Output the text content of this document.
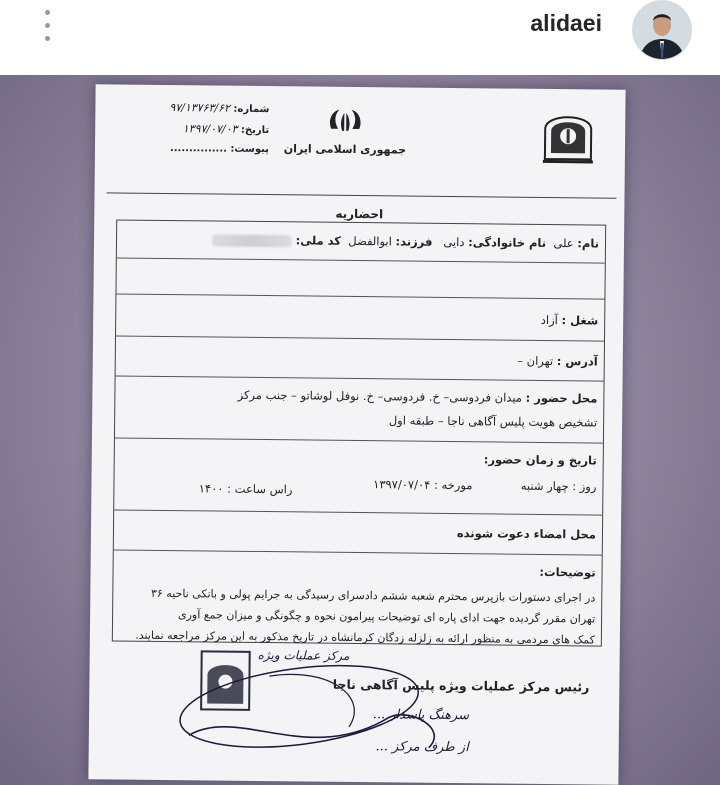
alidaei
جمهوری اسلامی ایران
شماره: ۹۷/۱۳۷۶۳/۶۲
تاریخ: ۱۳۹۷/۰۷/۰۳
پیوست: ...............
احضاریه
نام: علی  نام خانوادگی: دایی   فرزند: ابوالفضل  کد ملی:
شغل : آزاد
آدرس : تهران –
محل حضور : میدان فردوسی– خ. فردوسی– خ. نوفل لوشاتو – جنب مرکز
تشخیص هویت پلیس آگاهی ناجا – طبقه اول
تاریخ و زمان حضور:
روز : چهار شنبه
مورخه : ۱۳۹۷/۰۷/۰۴
راس ساعت : ۱۴۰۰
محل امضاء دعوت شونده
توضیحات:
در اجرای دستورات بازپرس محترم شعبه ششم دادسرای رسیدگی به جرایم پولی و بانکی ناحیه ۳۶
تهران مقرر گردیده جهت ادای پاره ای توضیحات پیرامون نحوه و چگونگی و میزان جمع آوری
کمک های مردمی به منظور ارائه به زلزله زدگان کرمانشاه در تاریخ مذکور به این مرکز مراجعه نمایند.
مرکز عملیات ویژه
رئیس مرکز عملیات ویژه پلیس آگاهی ناجا
سرهنگ پاسدار ...
از طرف مرکز ...
